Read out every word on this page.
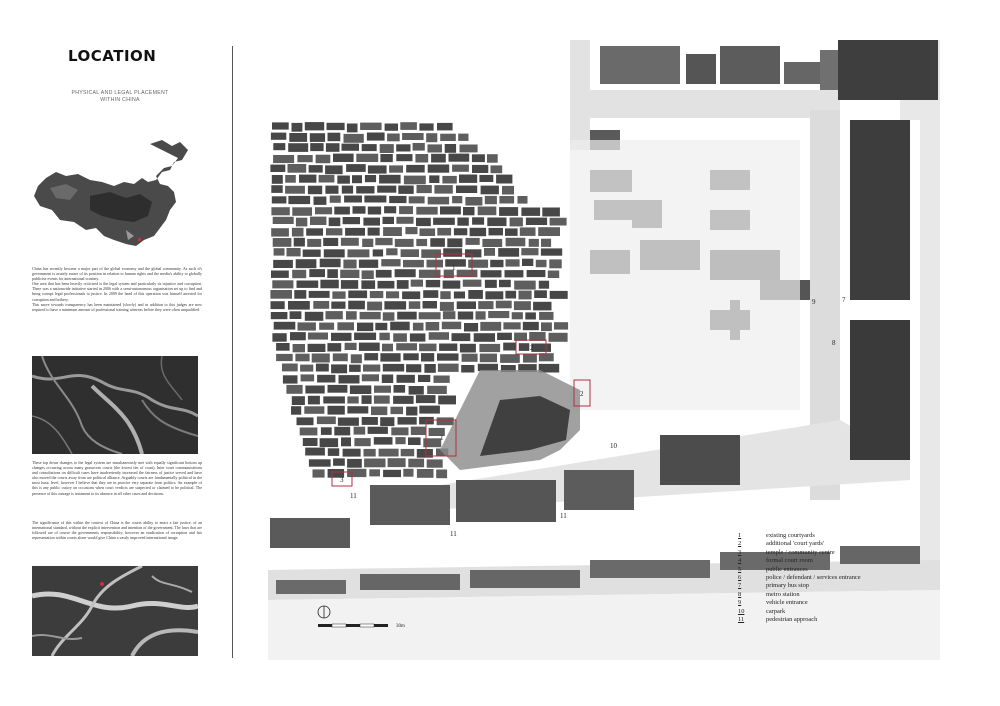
LOCATION
PHYSICAL AND LEGAL PLACEMENT
WITHIN CHINA

China has recently become a major part of the global economy and the global community. As such it's government is acutely aware of its position in relation to human rights and the media's ability to globally publicise events for international scrutiny.

One area that has been heavily criticised is the legal system and particularly its injustice and corruption. There was a nationwide initiative started in 2006 with a semi-autonomous organisation set up to find and bring corrupt legal professionals to justice. In 2009 the head of this operation was himself arrested for corruption and bribery.

This move towards transparency has been maintained (slowly) and in addition to this judges are now required to have a minimum amount of professional training whereas before they were often unqualified.

These top down changes to the legal system are simultaneously met with equally significant bottom up changes occurring across many grassroots courts (the lowest tier of court). Inter court communications and consultations on difficult cases have inadvertently increased the fairness of justice served and have also moved the courts away from are political alliance. Arguably courts are fundamentally political in the most basic level, however I believe that they are in practice very separate from politics. An example of this is any public outcry on occasions when court verdicts are suspected or claimed to be political. The presence of this outrage is testament to its absence in all other cases and decisions.
The significance of this within the context of China is the courts ability to enact a fair justice, of an international standard, without the explicit intervention and intention of the government. The laws that are followed are of course the governments responsibility; however an eradication of corruption and fair representation within courts alone would give China a vastly improved international image.
1
1
2
2
3
7
8
9
10
11
11
11
30m
1	existing courtyards
2	additional 'court yards'
3	temple / community centre
4	formal court room
5	public entrances
6	police / defendant / services entrance
7	primary bus stop
8	metro station
9	vehicle entrance
10	carpark
11	pedestrian approach
